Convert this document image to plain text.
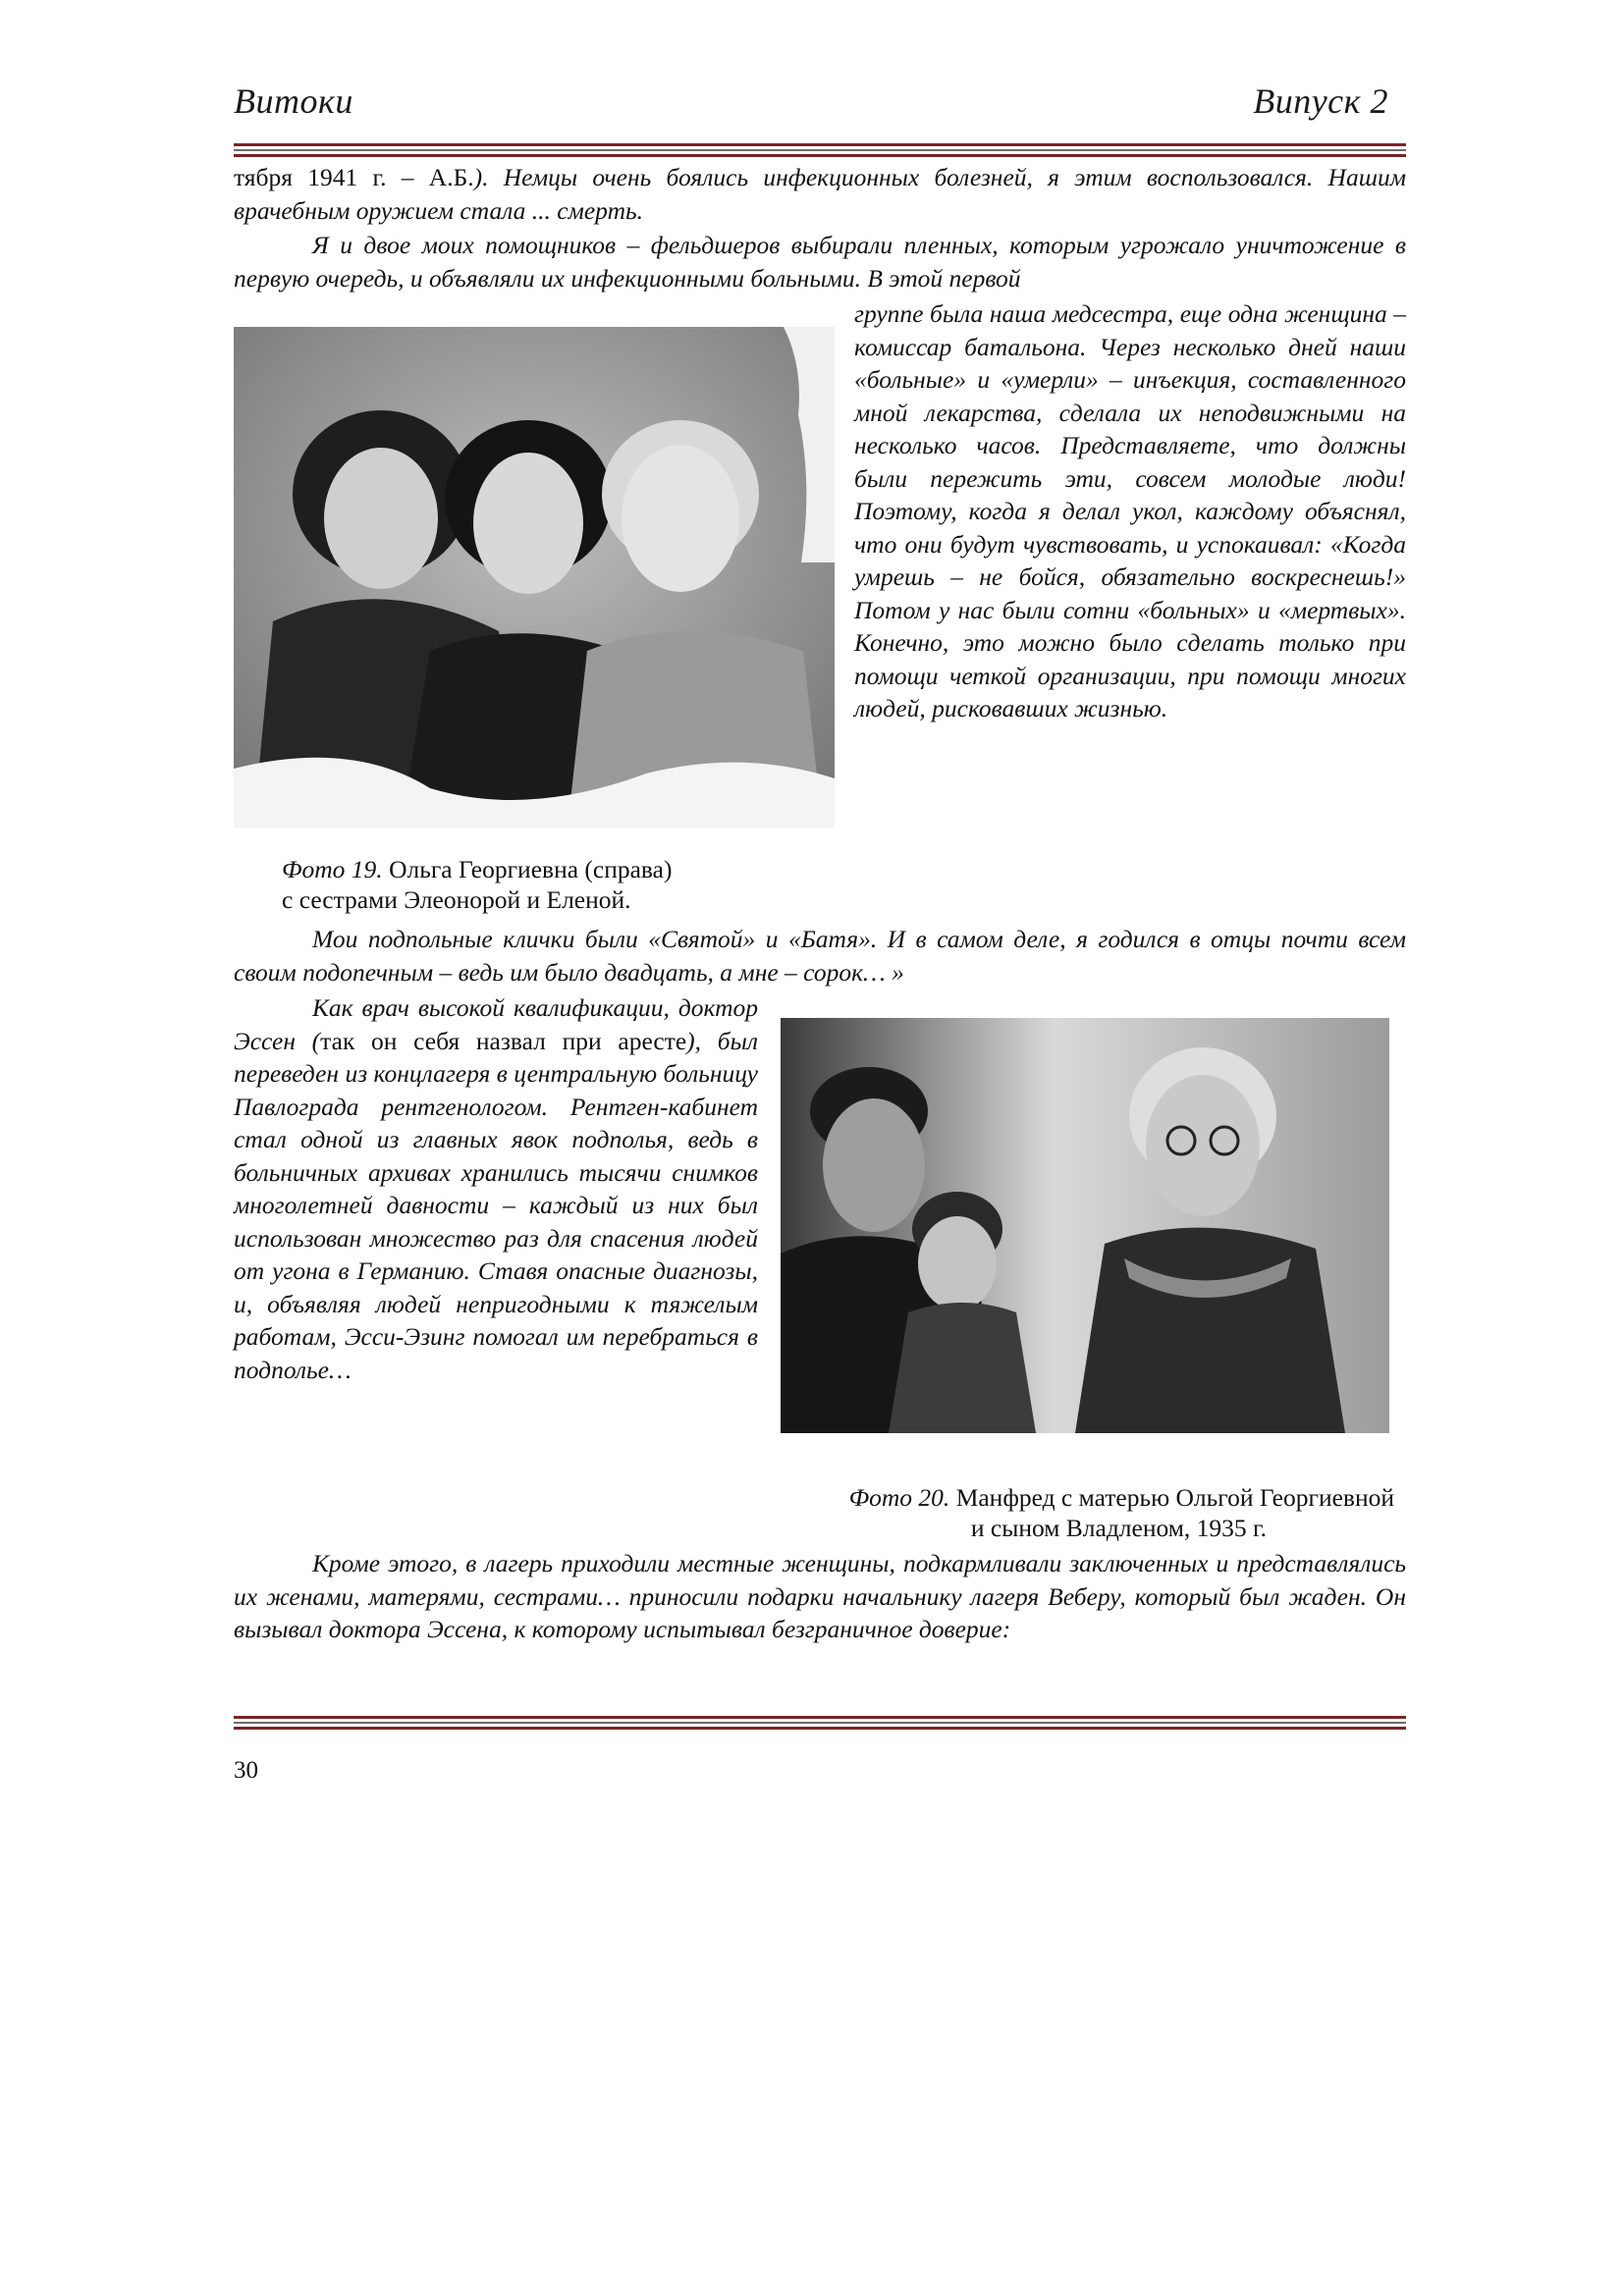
Витоки	Випуск 2
тября 1941 г. – А.Б.). Немцы очень боялись инфекционных болезней, я этим воспользовался. Нашим врачебным оружием стала ... смерть.
Я и двое моих помощников – фельдшеров выбирали пленных, которым угрожало уничтожение в первую очередь, и объявляли их инфекционными больными. В этой первой
группе была наша медсестра, еще одна женщина – комиссар батальона. Через несколько дней наши «больные» и «умерли» – инъекция, составленного мной лекарства, сделала их неподвижными на несколько часов. Представляете, что должны были пережить эти, совсем молодые люди! Поэтому, когда я делал укол, каждому объяснял, что они будут чувствовать, и успокаивал: «Когда умрешь – не бойся, обязательно воскреснешь!» Потом у нас были сотни «больных» и «мертвых». Конечно, это можно было сделать только при помощи четкой организации, при помощи многих людей, рисковавших жизнью.
Фото 19. Ольга Георгиевна (справа)
с сестрами Элеонорой и Еленой.
Мои подпольные клички были «Святой» и «Батя». И в самом деле, я годился в отцы почти всем своим подопечным – ведь им было двадцать, а мне – сорок… »
Как врач высокой квалификации, доктор Эссен (так он себя назвал при аресте), был переведен из концлагеря в центральную больницу Павлограда рентгенологом. Рентген-кабинет стал одной из главных явок подполья, ведь в больничных архивах хранились тысячи снимков многолетней давности – каждый из них был использован множество раз для спасения людей от угона в Германию. Ставя опасные диагнозы, и, объявляя людей непригодными к тяжелым работам, Эсси-Эзинг помогал им перебраться в подполье…
Фото 20. Манфред с матерью Ольгой Георгиевной
и сыном Владленом, 1935 г.
Кроме этого, в лагерь приходили местные женщины, подкармливали заключенных и представлялись их женами, матерями, сестрами… приносили подарки начальнику лагеря Веберу, который был жаден. Он вызывал доктора Эссена, к которому испытывал безграничное доверие:
30
